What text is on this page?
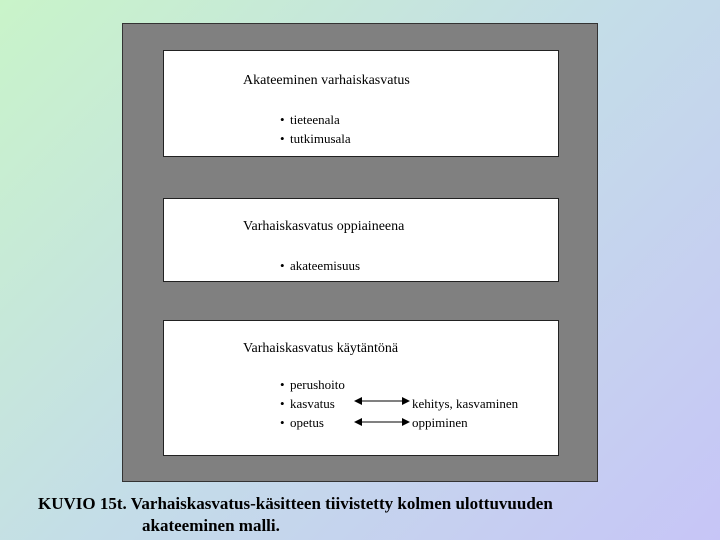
Akateeminen varhaiskasvatus
• tieteenala
• tutkimusala
Varhaiskasvatus oppiaineena
• akateemisuus
Varhaiskasvatus käytäntönä
• perushoito
• kasvatus
• opetus
kehitys, kasvaminen
oppiminen
KUVIO 15t. Varhaiskasvatus-käsitteen tiivistetty kolmen ulottuvuuden
akateeminen malli.
